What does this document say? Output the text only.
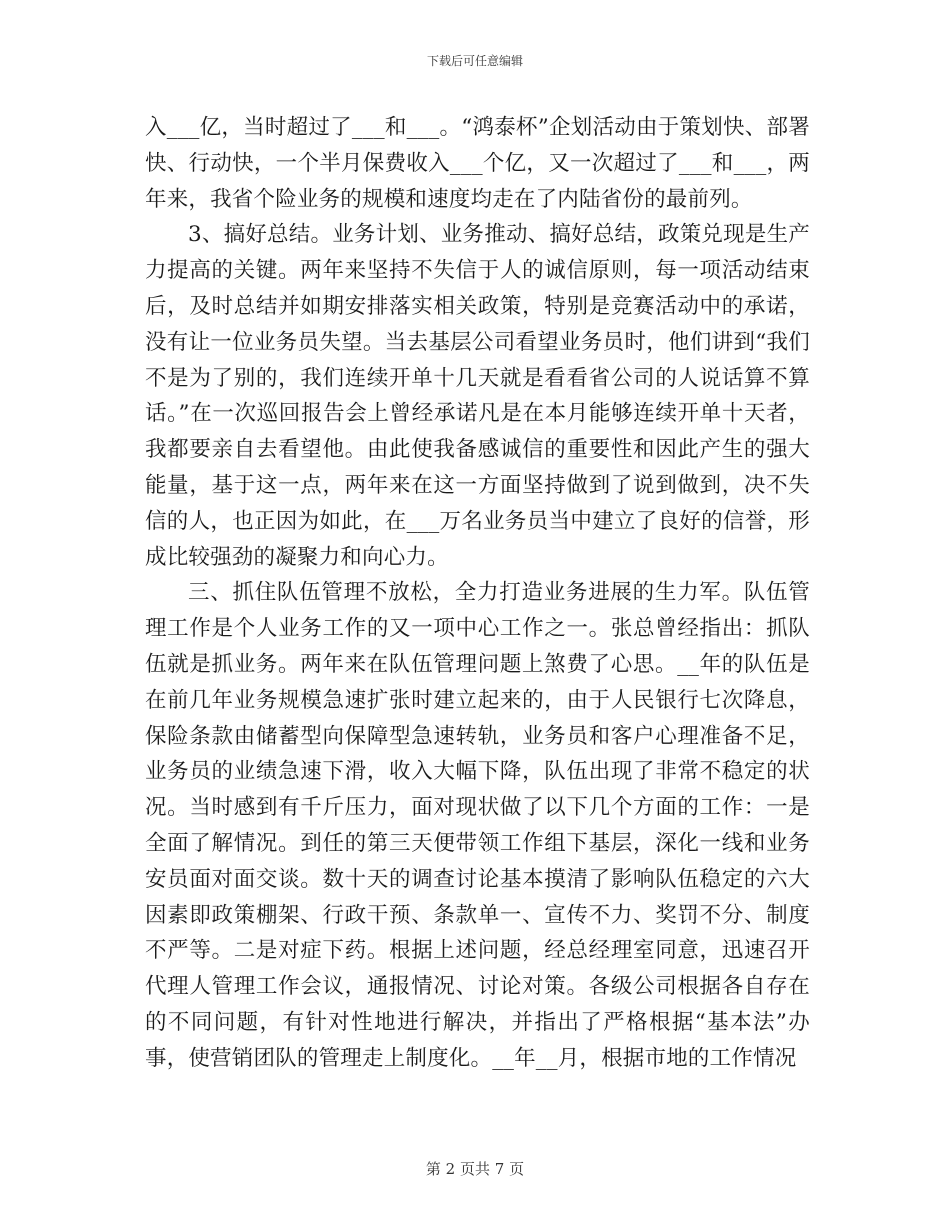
下载后可任意编辑

入___亿，当时超过了___和___。“鸿泰杯”企划活动由于策划快、部署快、行动快，一个半月保费收入___个亿，又一次超过了___和___，两年来，我省个险业务的规模和速度均走在了内陆省份的最前列。

3、搞好总结。业务计划、业务推动、搞好总结，政策兑现是生产力提高的关键。两年来坚持不失信于人的诚信原则，每一项活动结束后，及时总结并如期安排落实相关政策，特别是竞赛活动中的承诺，没有让一位业务员失望。当去基层公司看望业务员时，他们讲到“我们不是为了别的，我们连续开单十几天就是看看省公司的人说话算不算话。”在一次巡回报告会上曾经承诺凡是在本月能够连续开单十天者，我都要亲自去看望他。由此使我备感诚信的重要性和因此产生的强大能量，基于这一点，两年来在这一方面坚持做到了说到做到，决不失信的人，也正因为如此，在___万名业务员当中建立了良好的信誉，形成比较强劲的凝聚力和向心力。

三、抓住队伍管理不放松，全力打造业务进展的生力军。队伍管理工作是个人业务工作的又一项中心工作之一。张总曾经指出：抓队伍就是抓业务。两年来在队伍管理问题上煞费了心思。__年的队伍是在前几年业务规模急速扩张时建立起来的，由于人民银行七次降息，保险条款由储蓄型向保障型急速转轨，业务员和客户心理准备不足，业务员的业绩急速下滑，收入大幅下降，队伍出现了非常不稳定的状况。当时感到有千斤压力，面对现状做了以下几个方面的工作：一是全面了解情况。到任的第三天便带领工作组下基层，深化一线和业务安员面对面交谈。数十天的调查讨论基本摸清了影响队伍稳定的六大因素即政策棚架、行政干预、条款单一、宣传不力、奖罚不分、制度不严等。二是对症下药。根据上述问题，经总经理室同意，迅速召开代理人管理工作会议，通报情况、讨论对策。各级公司根据各自存在的不同问题，有针对性地进行解决，并指出了严格根据“基本法”办事，使营销团队的管理走上制度化。__年__月，根据市地的工作情况

第 2 页共 7 页
